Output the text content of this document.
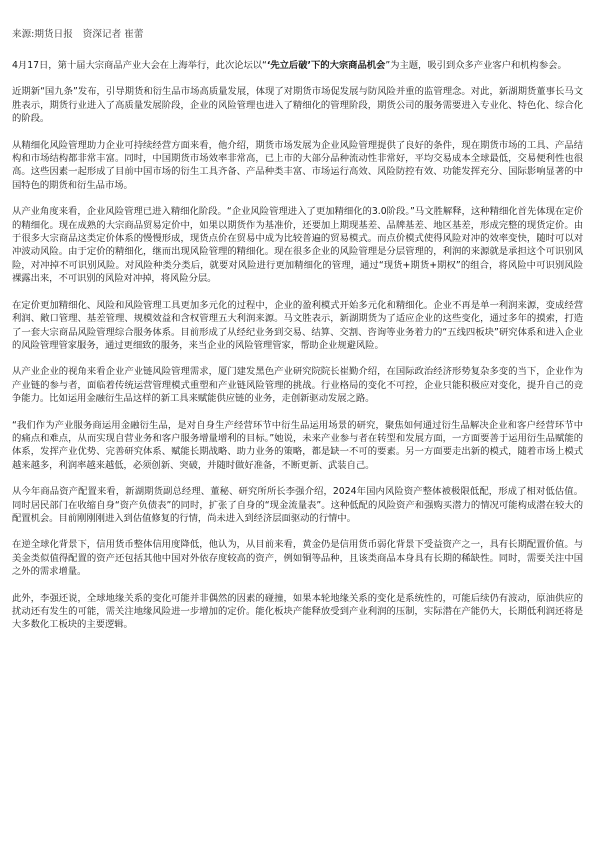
来源:期货日报 资深记者 崔蕾

4月17日，第十届大宗商品产业大会在上海举行，此次论坛以“‘先立后破’下的大宗商品机会”为主题，吸引到众多产业客户和机构参会。

近期新“国九条”发布，引导期货和衍生品市场高质量发展，体现了对期货市场促发展与防风险并重的监管理念。对此，新湖期货董事长马文胜表示，期货行业进入了高质量发展阶段，企业的风险管理也进入了精细化的管理阶段，期货公司的服务需要进入专业化、特色化、综合化的阶段。

从精细化风险管理助力企业可持续经营方面来看，他介绍，期货市场发展为企业风险管理提供了良好的条件，现在期货市场的工具、产品结构和市场结构都非常丰富。同时，中国期货市场效率非常高，已上市的大部分品种流动性非常好，平均交易成本全球最低，交易便利性也很高。这些因素一起形成了目前中国市场的衍生工具齐备、产品种类丰富、市场运行高效、风险防控有效、功能发挥充分、国际影响显著的中国特色的期货和衍生品市场。

从产业角度来看，企业风险管理已进入精细化阶段。“企业风险管理进入了更加精细化的3.0阶段。”马文胜解释，这种精细化首先体现在定价的精细化。现在成熟的大宗商品贸易定价中，如果以期货作为基准价，还要加上期现基差、品牌基差、地区基差，形成完整的现货定价。由于很多大宗商品这类定价体系的慢慢形成，现货点价在贸易中成为比较普遍的贸易模式。而点价模式使得风险对冲的效率变快，随时可以对冲波动风险。由于定价的精细化，继而出现风险管理的精细化。现在很多企业的风险管理是分层管理的，利润的来源就是承担这个可识别风险，对冲掉不可识别风险。对风险种类分类后，就要对风险进行更加精细化的管理，通过“现货+期货+期权”的组合，将风险中可识别风险裸露出来，不可识别的风险对冲掉，将风险分层。

在定价更加精细化、风险和风险管理工具更加多元化的过程中，企业的盈利模式开始多元化和精细化。企业不再是单一利润来源，变成经营利润、敞口管理、基差管理、规模效益和含权管理五大利润来源。马文胜表示，新湖期货为了适应企业的这些变化，通过多年的摸索，打造了一套大宗商品风险管理综合服务体系。目前形成了从经纪业务到交易、结算、交割、咨询等业务着力的“五线四板块”研究体系和进入企业的风险管理管家服务，通过更细致的服务，来当企业的风险管理管家，帮助企业规避风险。

从产业企业的视角来看企业产业链风险管理需求，厦门建发黑色产业研究院院长崔勤介绍，在国际政治经济形势复杂多变的当下，企业作为产业链的参与者，面临着传统运营管理模式重塑和产业链风险管理的挑战。行业格局的变化不可控，企业只能积极应对变化，提升自己的竞争能力。比如运用金融衍生品这样的新工具来赋能供应链的业务，走创新驱动发展之路。

“我们作为产业服务商运用金融衍生品，是对自身生产经营环节中衍生品运用场景的研究，聚焦如何通过衍生品解决企业和客户经营环节中的痛点和难点，从而实现自营业务和客户服务增量增利的目标。”她说，未来产业参与者在转型和发展方面，一方面要善于运用衍生品赋能的体系，发挥产业优势、完善研究体系、赋能长期战略、助力业务的策略，都是缺一不可的要素。另一方面要走出新的模式，随着市场上模式越来越多，利润率越来越低，必须创新、突破，并随时做好准备，不断更新、武装自己。

从今年商品资产配置来看，新湖期货副总经理、董秘、研究所所长李强介绍，2024年国内风险资产整体被极限低配，形成了相对低估值。同时居民部门在收缩自身“资产负债表”的同时，扩张了自身的“现金流量表”。这种低配的风险资产和强购买潜力的情况可能构成潜在较大的配置机会。目前刚刚刚进入到估值修复的行情，尚未进入到经济层面驱动的行情中。

在逆全球化背景下，信用货币整体信用度降低，他认为，从目前来看，黄金仍是信用货币弱化背景下受益资产之一，具有长期配置价值。与美金类似值得配置的资产还包括其他中国对外依存度较高的资产，例如铜等品种，且该类商品本身具有长期的稀缺性。同时，需要关注中国之外的需求增量。

此外，李强还说，全球地缘关系的变化可能并非偶然的因素的碰撞，如果本轮地缘关系的变化是系统性的，可能后续仍有波动，原油供应的扰动还有发生的可能，需关注地缘风险进一步增加的定价。能化板块产能释放受到产业利润的压制，实际潜在产能仍大，长期低利润还将是大多数化工板块的主要逻辑。
